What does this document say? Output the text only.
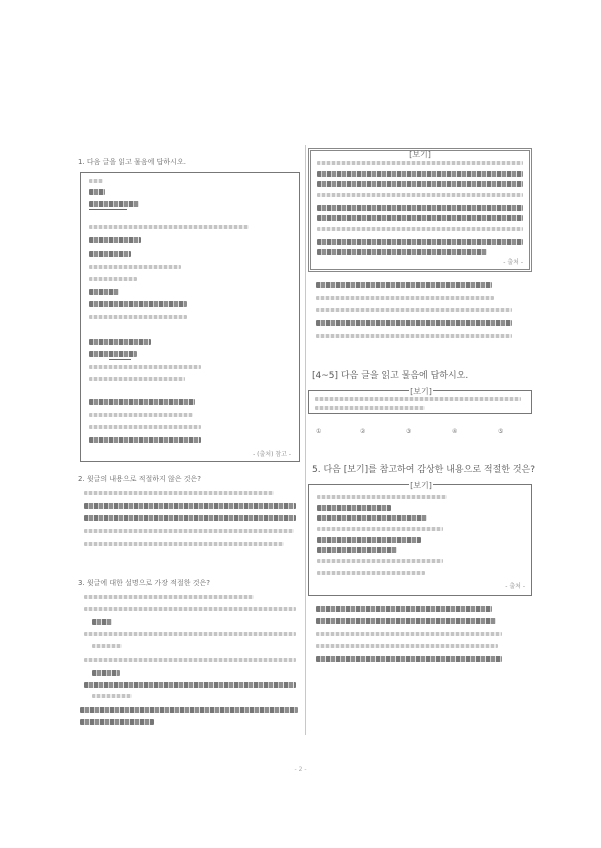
1. 다음 글을 읽고 물음에 답하시오.
- (출처) 참고 -
2. 윗글의 내용으로 적절하지 않은 것은?
3. 윗글에 대한 설명으로 가장 적절한 것은?
[보기]
- 출처 -
[4~5] 다음 글을 읽고 물음에 답하시오.
[보기]
①	②	③	④	⑤
5. 다음 [보기]를 참고하여 감상한 내용으로 적절한 것은?
[보기]
- 출처 -
- 2 -
